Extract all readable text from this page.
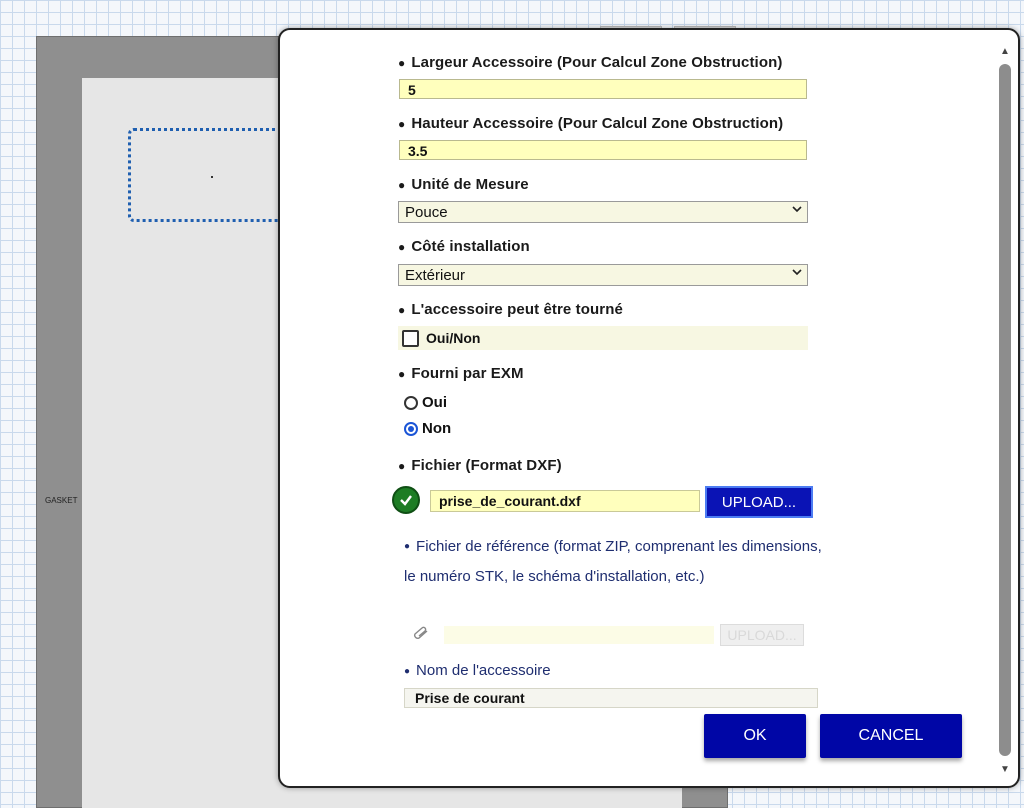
GASKET
▲
▼
● Largeur Accessoire (Pour Calcul Zone Obstruction)
5
● Hauteur Accessoire (Pour Calcul Zone Obstruction)
3.5
● Unité de Mesure
Pouce
● Côté installation
Extérieur
● L'accessoire peut être tourné
Oui/Non
● Fourni par EXM
Oui
Non
● Fichier (Format DXF)
prise_de_courant.dxf	UPLOAD...
● Fichier de référence (format ZIP, comprenant les dimensions, le numéro STK, le schéma d'installation, etc.)
UPLOAD...
● Nom de l'accessoire
Prise de courant
OK	CANCEL
